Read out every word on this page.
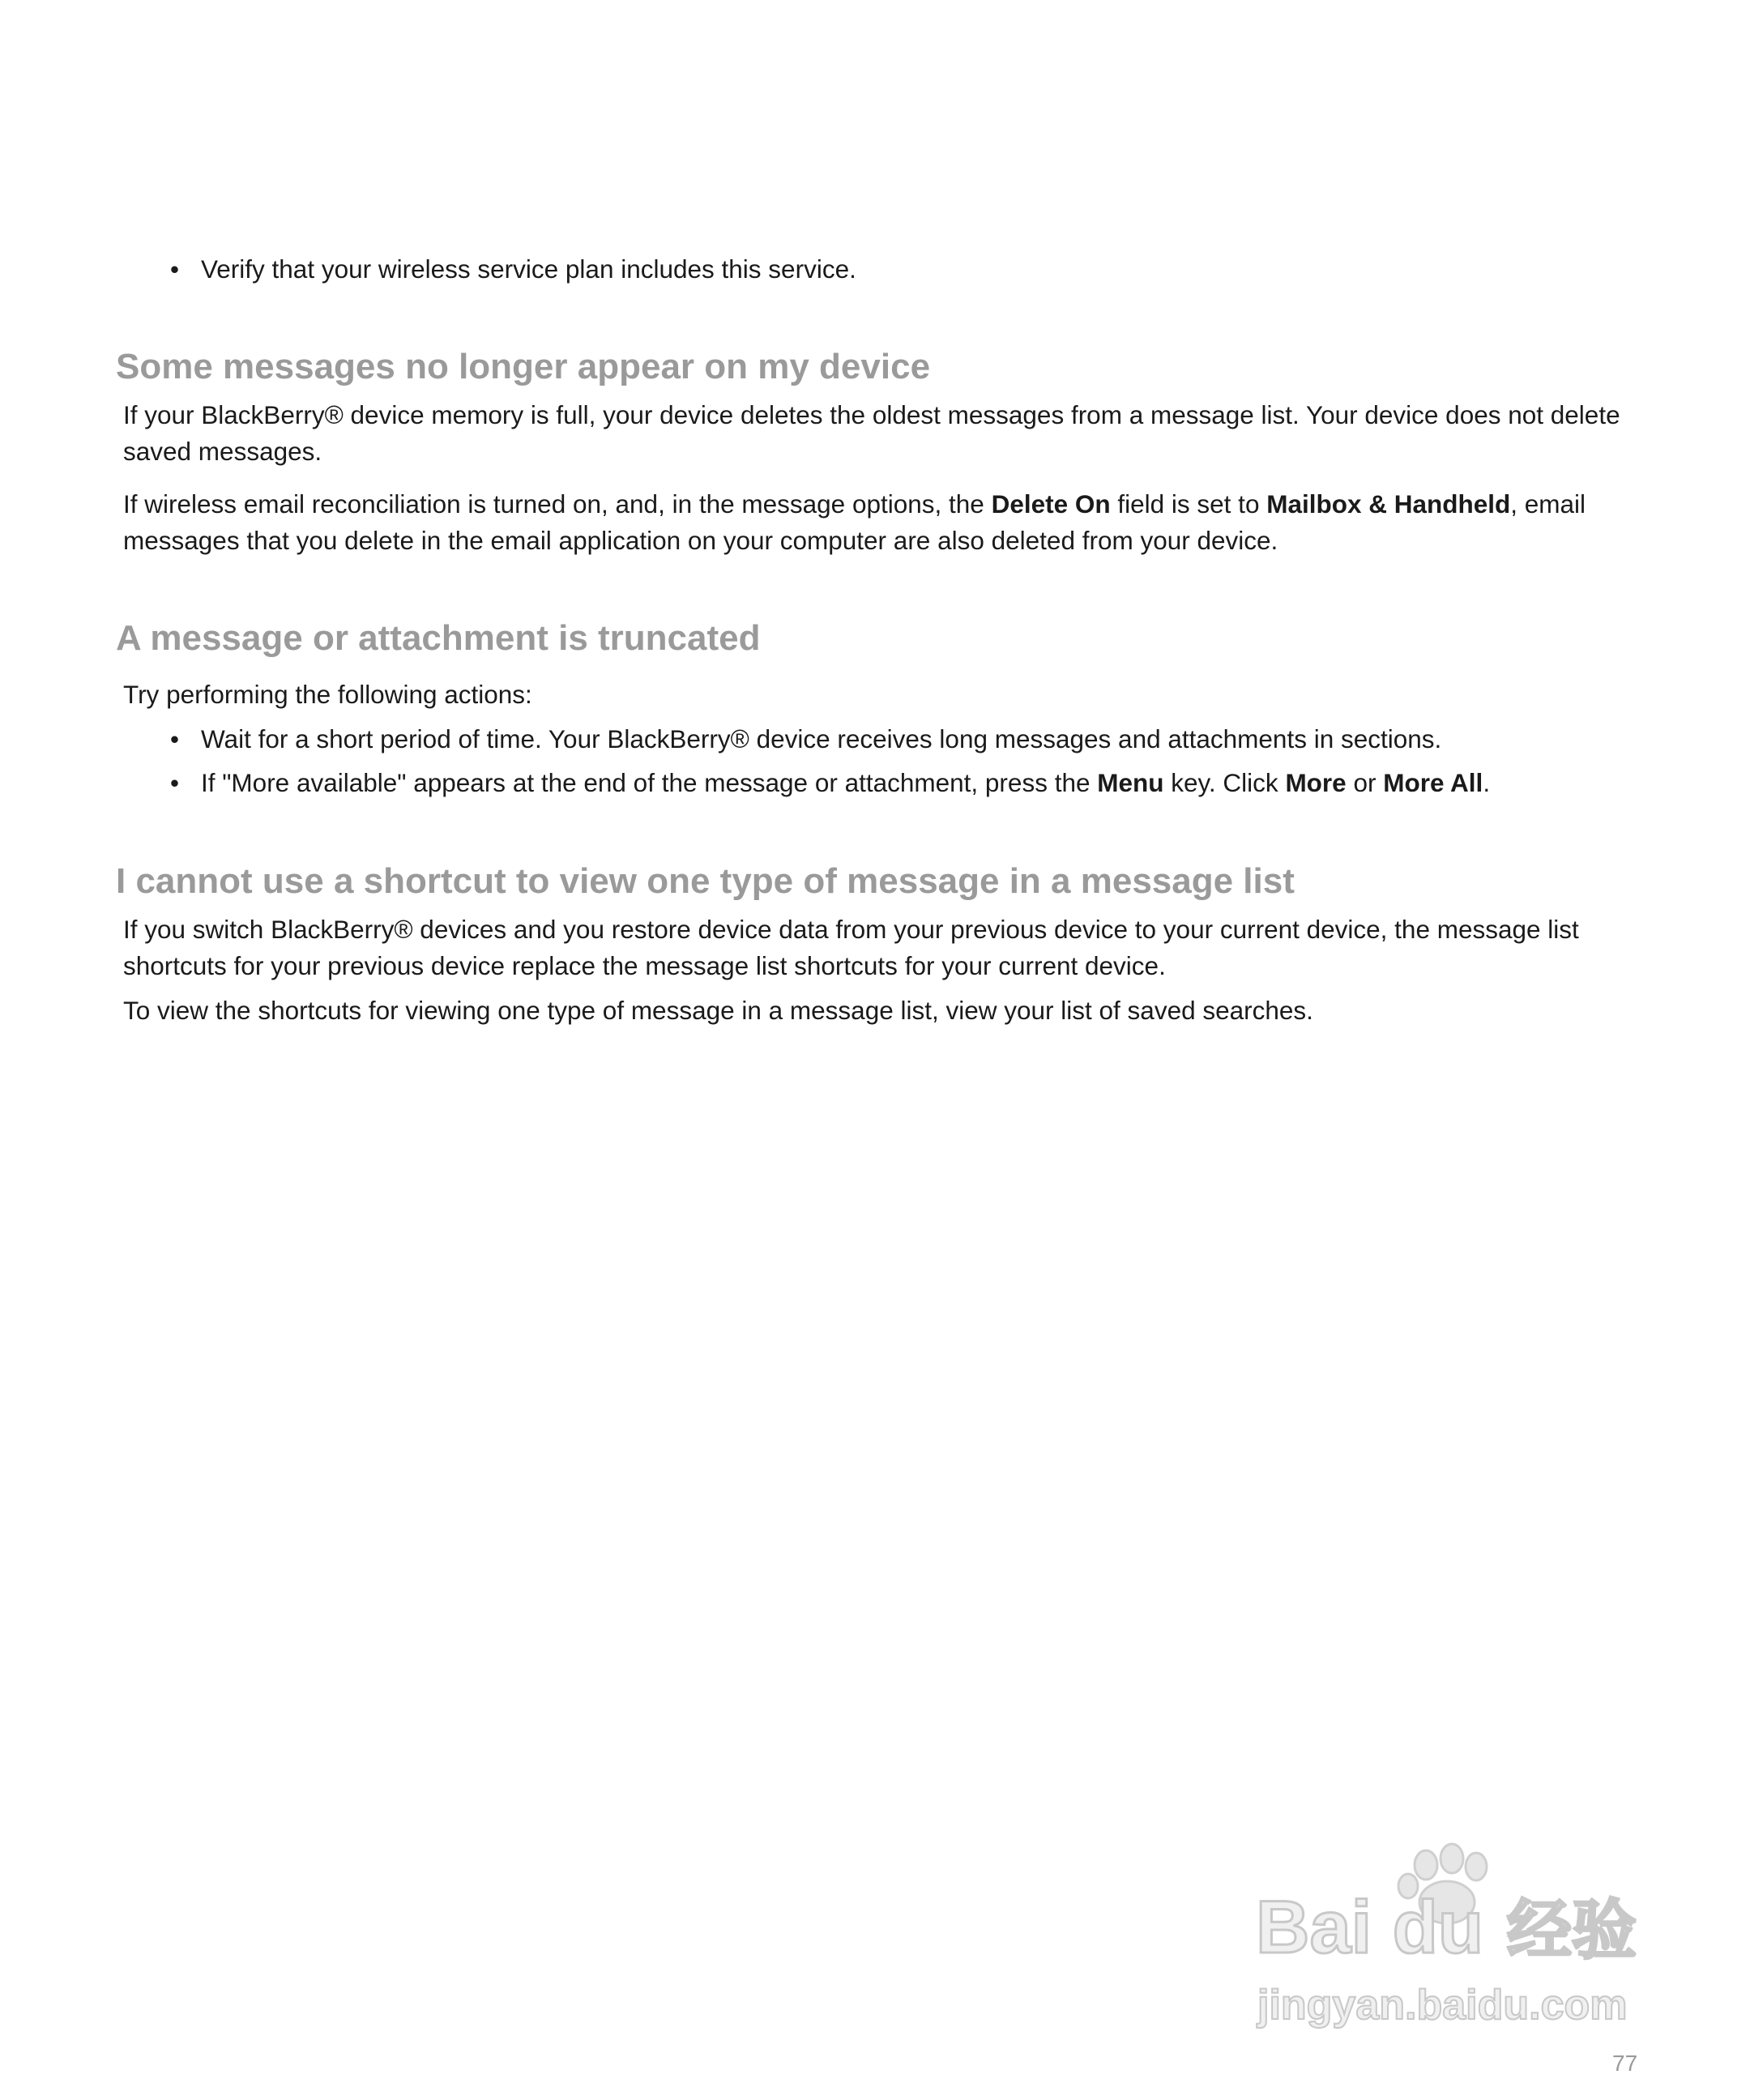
• Verify that your wireless service plan includes this service.
Some messages no longer appear on my device

If your BlackBerry® device memory is full, your device deletes the oldest messages from a message list. Your device does not delete saved messages.

If wireless email reconciliation is turned on, and, in the message options, the Delete On field is set to Mailbox & Handheld, email messages that you delete in the email application on your computer are also deleted from your device.

A message or attachment is truncated

Try performing the following actions:

• Wait for a short period of time. Your BlackBerry® device receives long messages and attachments in sections.
• If "More available" appears at the end of the message or attachment, press the Menu key. Click More or More All.
I cannot use a shortcut to view one type of message in a message list

If you switch BlackBerry® devices and you restore device data from your previous device to your current device, the message list shortcuts for your previous device replace the message list shortcuts for your current device.

To view the shortcuts for viewing one type of message in a message list, view your list of saved searches.

Bai du 经验
jingyan.baidu.com
77
